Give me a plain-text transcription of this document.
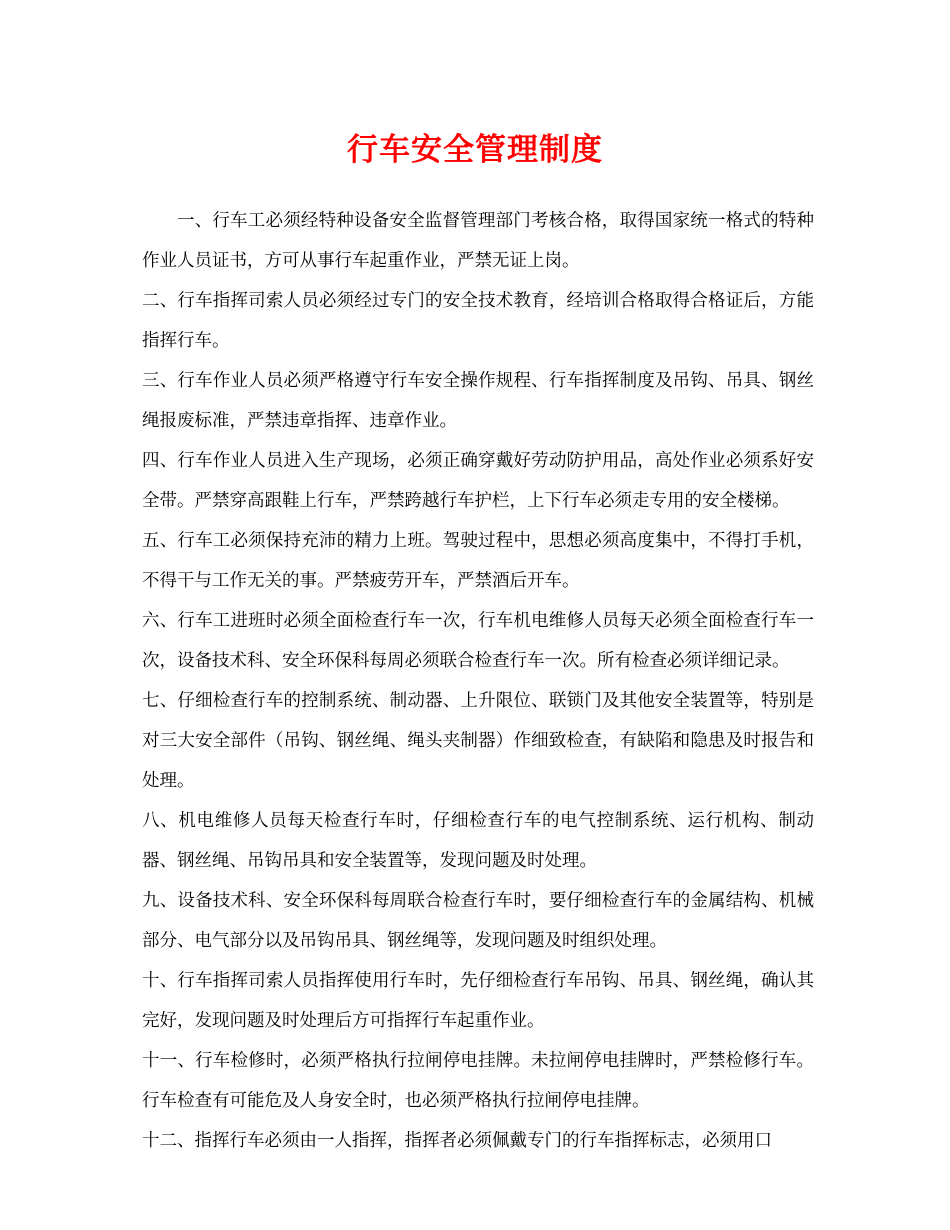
行车安全管理制度

一、行车工必须经特种设备安全监督管理部门考核合格，取得国家统一格式的特种作业人员证书，方可从事行车起重作业，严禁无证上岗。

二、行车指挥司索人员必须经过专门的安全技术教育，经培训合格取得合格证后，方能指挥行车。

三、行车作业人员必须严格遵守行车安全操作规程、行车指挥制度及吊钩、吊具、钢丝绳报废标准，严禁违章指挥、违章作业。

四、行车作业人员进入生产现场，必须正确穿戴好劳动防护用品，高处作业必须系好安全带。严禁穿高跟鞋上行车，严禁跨越行车护栏，上下行车必须走专用的安全楼梯。

五、行车工必须保持充沛的精力上班。驾驶过程中，思想必须高度集中，不得打手机，不得干与工作无关的事。严禁疲劳开车，严禁酒后开车。

六、行车工进班时必须全面检查行车一次，行车机电维修人员每天必须全面检查行车一次，设备技术科、安全环保科每周必须联合检查行车一次。所有检查必须详细记录。

七、仔细检查行车的控制系统、制动器、上升限位、联锁门及其他安全装置等，特别是对三大安全部件（吊钩、钢丝绳、绳头夹制器）作细致检查，有缺陷和隐患及时报告和处理。

八、机电维修人员每天检查行车时，仔细检查行车的电气控制系统、运行机构、制动器、钢丝绳、吊钩吊具和安全装置等，发现问题及时处理。

九、设备技术科、安全环保科每周联合检查行车时，要仔细检查行车的金属结构、机械部分、电气部分以及吊钩吊具、钢丝绳等，发现问题及时组织处理。

十、行车指挥司索人员指挥使用行车时，先仔细检查行车吊钩、吊具、钢丝绳，确认其完好，发现问题及时处理后方可指挥行车起重作业。

十一、行车检修时，必须严格执行拉闸停电挂牌。未拉闸停电挂牌时，严禁检修行车。行车检查有可能危及人身安全时，也必须严格执行拉闸停电挂牌。

十二、指挥行车必须由一人指挥，指挥者必须佩戴专门的行车指挥标志，必须用口
